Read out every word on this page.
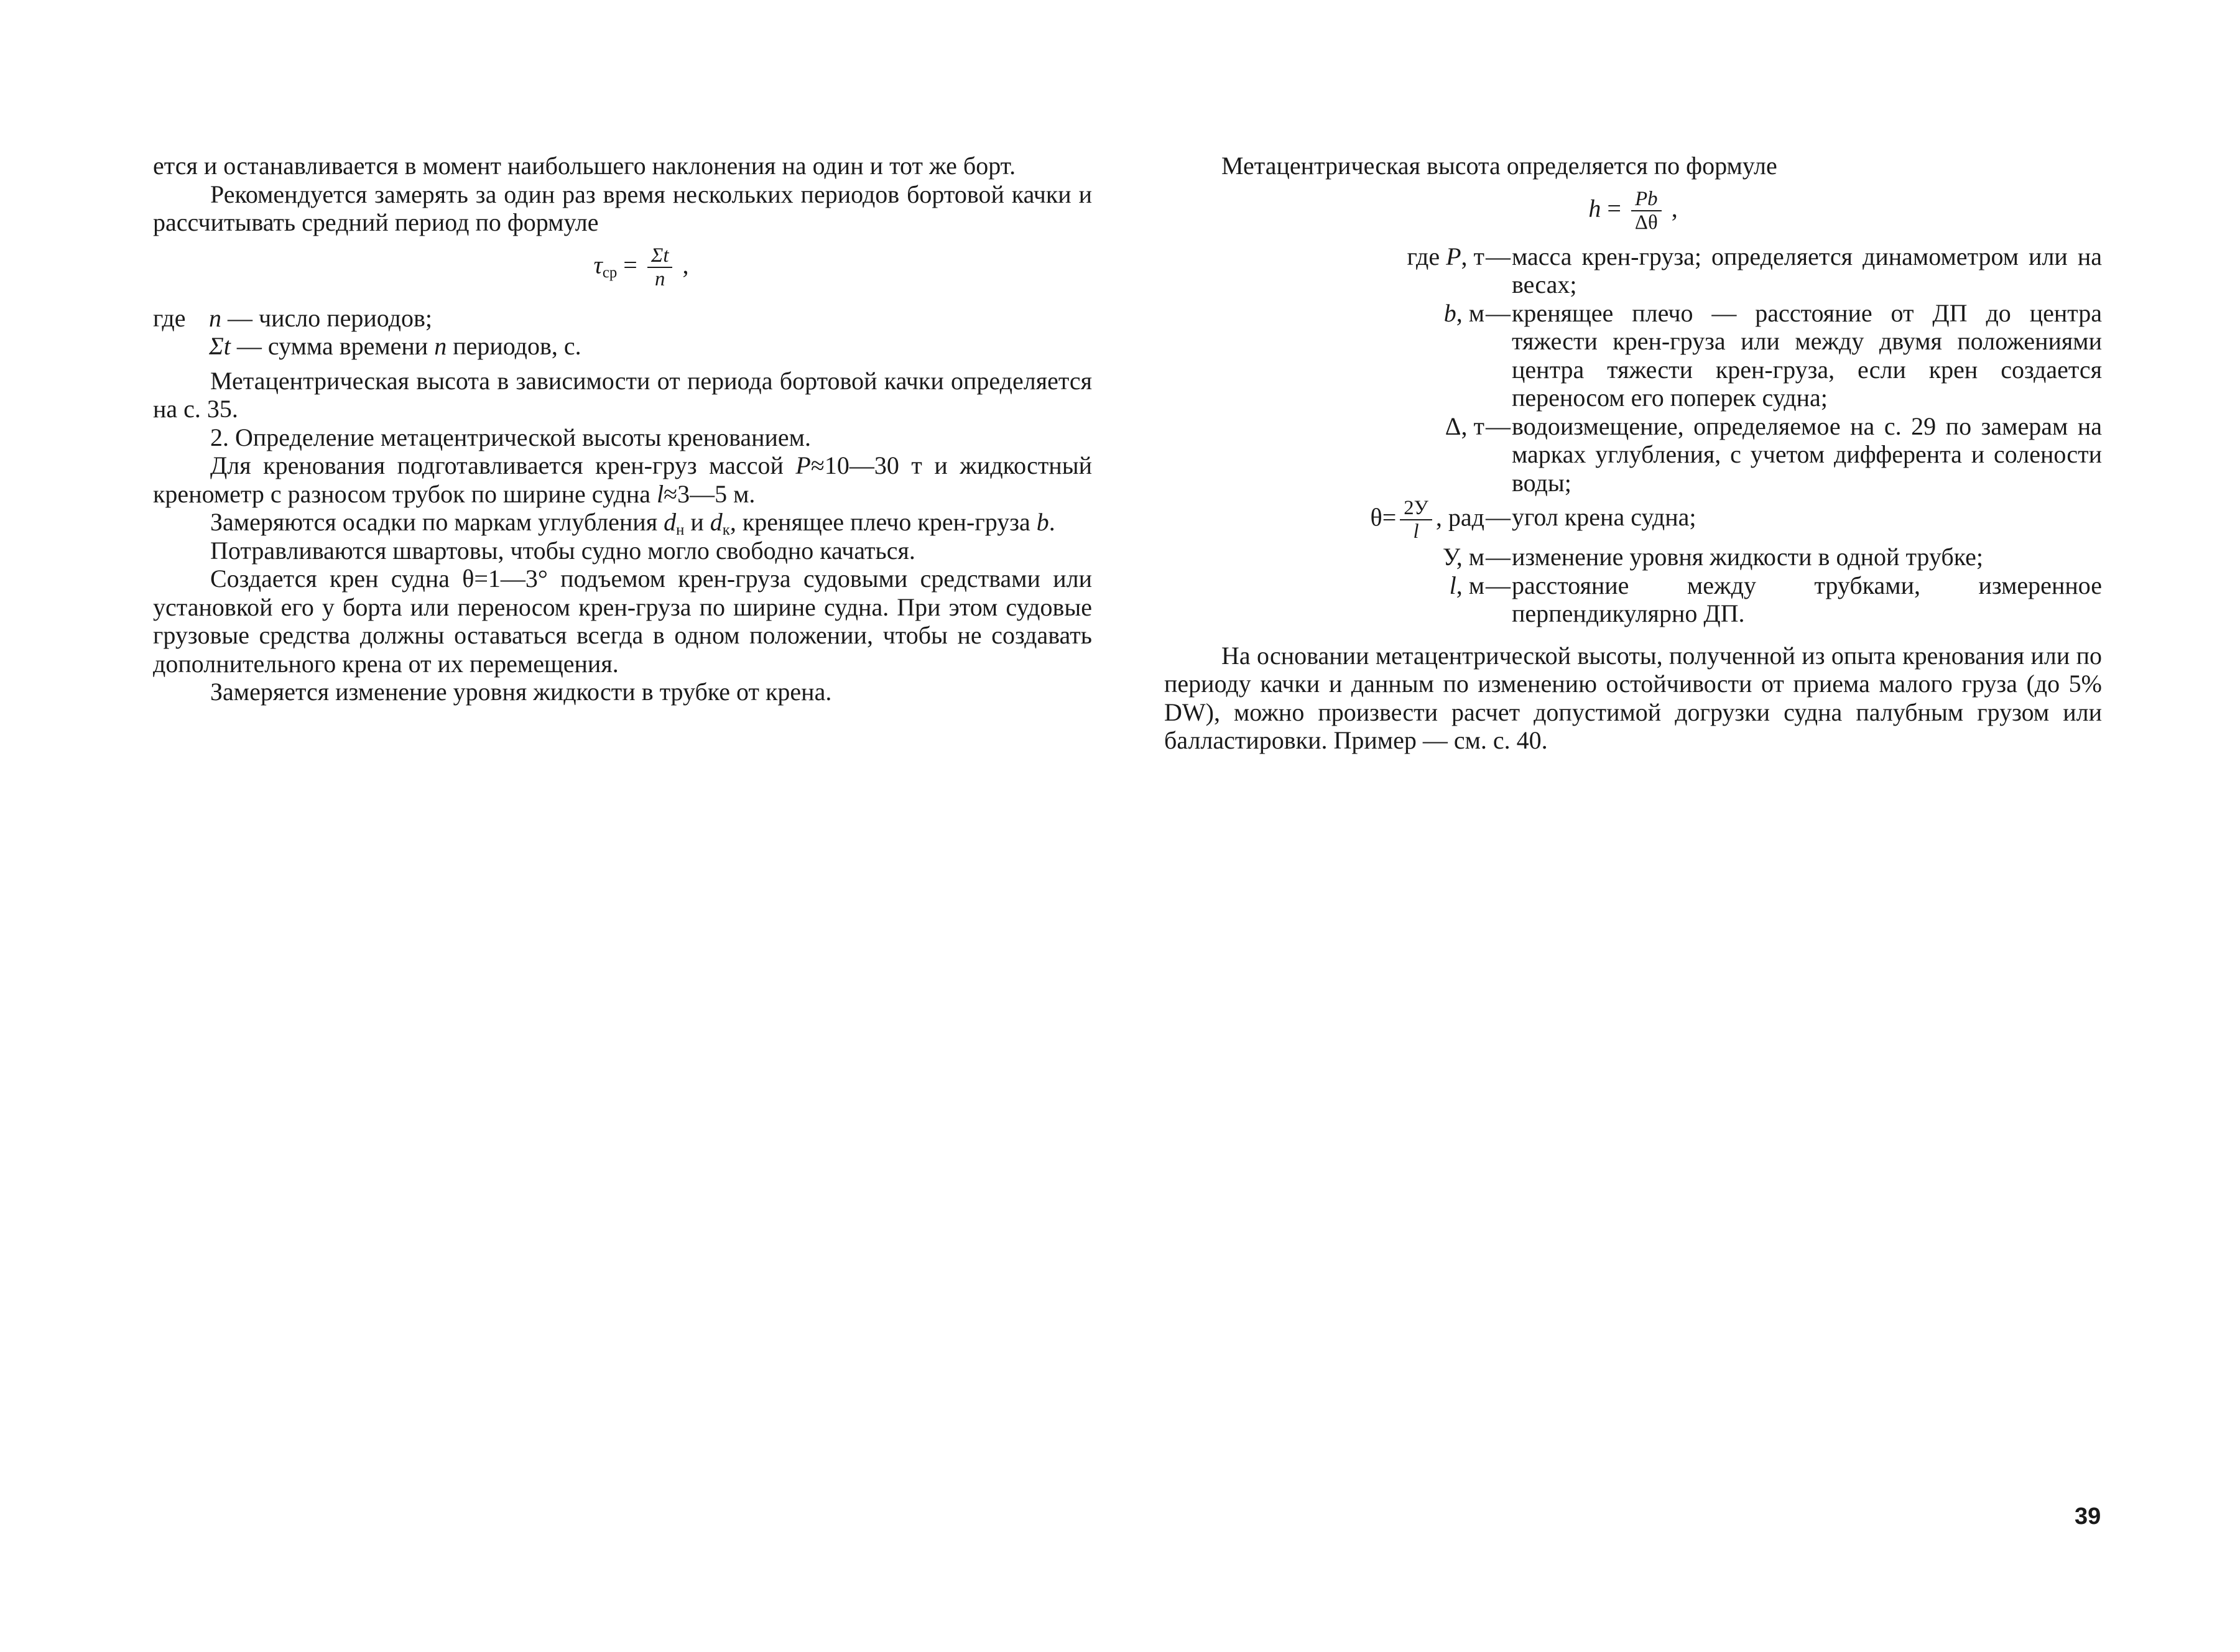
ется и останавливается в момент наибольшего наклонения на один и тот же борт.

Рекомендуется замерять за один раз время нескольких периодов бортовой качки и рассчитывать средний период по формуле

$\tau_{ср} = \frac{\Sigma t}{n}$ ,
где n — число периодов;
Σt — сумма времени n периодов, с.

Метацентрическая высота в зависимости от периода бортовой качки определяется на с. 35.

2. Определение метацентрической высоты кренованием.

Для кренования подготавливается крен-груз массой P≈10—30 т и жидкостный кренометр с разносом трубок по ширине судна l≈3—5 м.

Замеряются осадки по маркам углубления $d_н$ и $d_к$, кренящее плечо крен-груза b.

Потравливаются швартовы, чтобы судно могло свободно качаться.

Создается крен судна θ=1—3° подъемом крен-груза судовыми средствами или установкой его у борта или переносом крен-груза по ширине судна. При этом судовые грузовые средства должны оставаться всегда в одном положении, чтобы не создавать дополнительного крена от их перемещения.

Замеряется изменение уровня жидкости в трубке от крена.

Метацентрическая высота определяется по формуле

$h = \frac{Pb}{\Delta\theta}$ ,
где P, т — масса крен-груза; определяется динамометром или на весах;
b, м — кренящее плечо — расстояние от ДП до центра тяжести крен-груза или между двумя положениями центра тяжести крен-груза, если крен создается переносом его поперек судна;
Δ, т — водоизмещение, определяемое на с. 29 по замерам на марках углубления, с учетом дифферента и солености воды;
$\theta= \frac{2У}{l}$ , рад — угол крена судна;
У, м — изменение уровня жидкости в одной трубке;
l, м — расстояние между трубками, измеренное перпендикулярно ДП.

На основании метацентрической высоты, полученной из опыта кренования или по периоду качки и данным по изменению остойчивости от приема малого груза (до 5% DW), можно произвести расчет допустимой догрузки судна палубным грузом или балластировки. Пример — см. с. 40.

39
